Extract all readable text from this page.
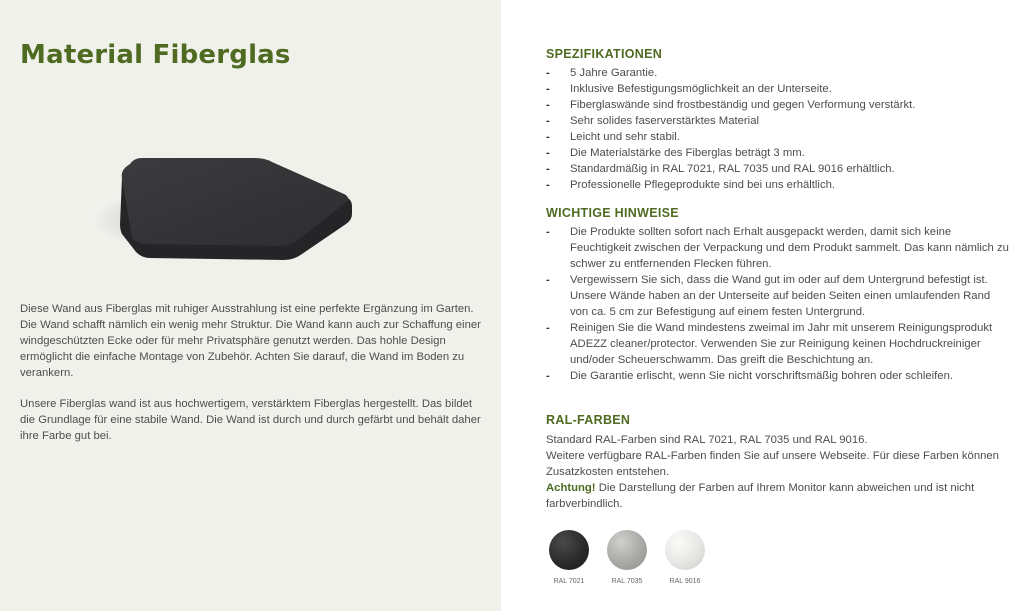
Material Fiberglas

Diese Wand aus Fiberglas mit ruhiger Ausstrahlung ist eine perfekte Ergänzung im Garten. Die Wand schafft nämlich ein wenig mehr Struktur. Die Wand kann auch zur Schaffung einer windgeschützten Ecke oder für mehr Privatsphäre genutzt werden. Das hohle Design ermöglicht die einfache Montage von Zubehör. Achten Sie darauf, die Wand im Boden zu verankern.

Unsere Fiberglas wand ist aus hochwertigem, verstärktem Fiberglas hergestellt. Das bildet die Grundlage für eine stabile Wand. Die Wand ist durch und durch gefärbt und behält daher ihre Farbe gut bei.

SPEZIFIKATIONEN
- 5 Jahre Garantie.
- Inklusive Befestigungsmöglichkeit an der Unterseite.
- Fiberglaswände sind frostbeständig und gegen Verformung verstärkt.
- Sehr solides faserverstärktes Material
- Leicht und sehr stabil.
- Die Materialstärke des Fiberglas beträgt 3 mm.
- Standardmäßig in RAL 7021, RAL 7035 und RAL 9016 erhältlich.
- Professionelle Pflegeprodukte sind bei uns erhältlich.
WICHTIGE HINWEISE
- Die Produkte sollten sofort nach Erhalt ausgepackt werden, damit sich keine Feuchtigkeit zwischen der Verpackung und dem Produkt sammelt. Das kann nämlich zu schwer zu entfernenden Flecken führen.
- Vergewissern Sie sich, dass die Wand gut im oder auf dem Untergrund befestigt ist. Unsere Wände haben an der Unterseite auf beiden Seiten einen umlaufenden Rand von ca. 5 cm zur Befestigung auf einem festen Untergrund.
- Reinigen Sie die Wand mindestens zweimal im Jahr mit unserem Reinigungsprodukt ADEZZ cleaner/protector. Verwenden Sie zur Reinigung keinen Hochdruckreiniger und/oder Scheuerschwamm. Das greift die Beschichtung an.
- Die Garantie erlischt, wenn Sie nicht vorschriftsmäßig bohren oder schleifen.
RAL-FARBEN

Standard RAL-Farben sind RAL 7021, RAL 7035 und RAL 9016.

Weitere verfügbare RAL-Farben finden Sie auf unsere Webseite. Für diese Farben können Zusatzkosten entstehen.

Achtung! Die Darstellung der Farben auf Ihrem Monitor kann abweichen und ist nicht farbverbindlich.

RAL 7021	RAL 7035	RAL 9016
